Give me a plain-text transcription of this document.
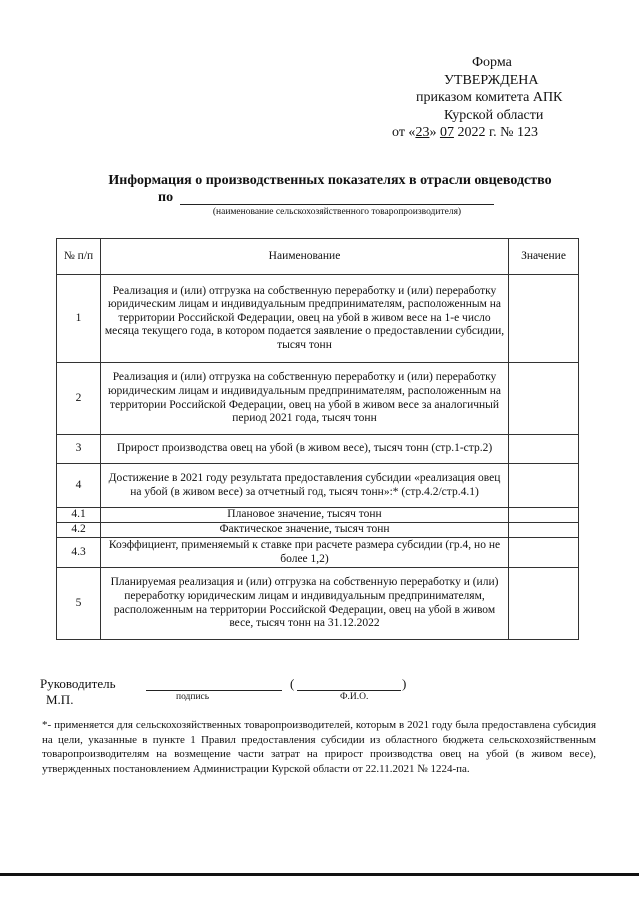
Форма
УТВЕРЖДЕНА
приказом комитета АПК
Курской области
от «23» 07 2022 г. № 123
Информация о производственных показателях в отрасли овцеводство
по
(наименование сельскохозяйственного товаропроизводителя)
№ п/п	Наименование	Значение
1	Реализация и (или) отгрузка на собственную переработку и (или) переработку юридическим лицам и индивидуальным предпринимателям, расположенным на территории Российской Федерации, овец на убой в живом весе на 1-е число месяца текущего года, в котором подается заявление о предоставлении субсидии, тысяч тонн	
2	Реализация и (или) отгрузка на собственную переработку и (или) переработку юридическим лицам и индивидуальным предпринимателям, расположенным на территории Российской Федерации, овец на убой в живом весе за аналогичный период 2021 года, тысяч тонн	
3	Прирост производства овец на убой (в живом весе), тысяч тонн (стр.1-стр.2)	
4	Достижение в 2021 году результата предоставления субсидии «реализация овец на убой (в живом весе) за отчетный год, тысяч тонн»:* (стр.4.2/стр.4.1)	
4.1	Плановое значение, тысяч тонн	
4.2	Фактическое значение, тысяч тонн	
4.3	Коэффициент, применяемый к ставке при расчете размера субсидии (гр.4, но не более 1,2)	
5	Планируемая реализация и (или) отгрузка на собственную переработку и (или) переработку юридическим лицам и индивидуальным предпринимателям, расположенным на территории Российской Федерации, овец на убой в живом весе, тысяч тонн на 31.12.2022	
Руководитель
М.П.
(	)
подпись	Ф.И.О.
*- применяется для сельскохозяйственных товаропроизводителей, которым в 2021 году была предоставлена субсидия на цели, указанные в пункте 1 Правил предоставления субсидии из областного бюджета сельскохозяйственным товаропроизводителям на возмещение части затрат на прирост производства овец на убой (в живом весе), утвержденных постановлением Администрации Курской области от 22.11.2021 № 1224-па.
